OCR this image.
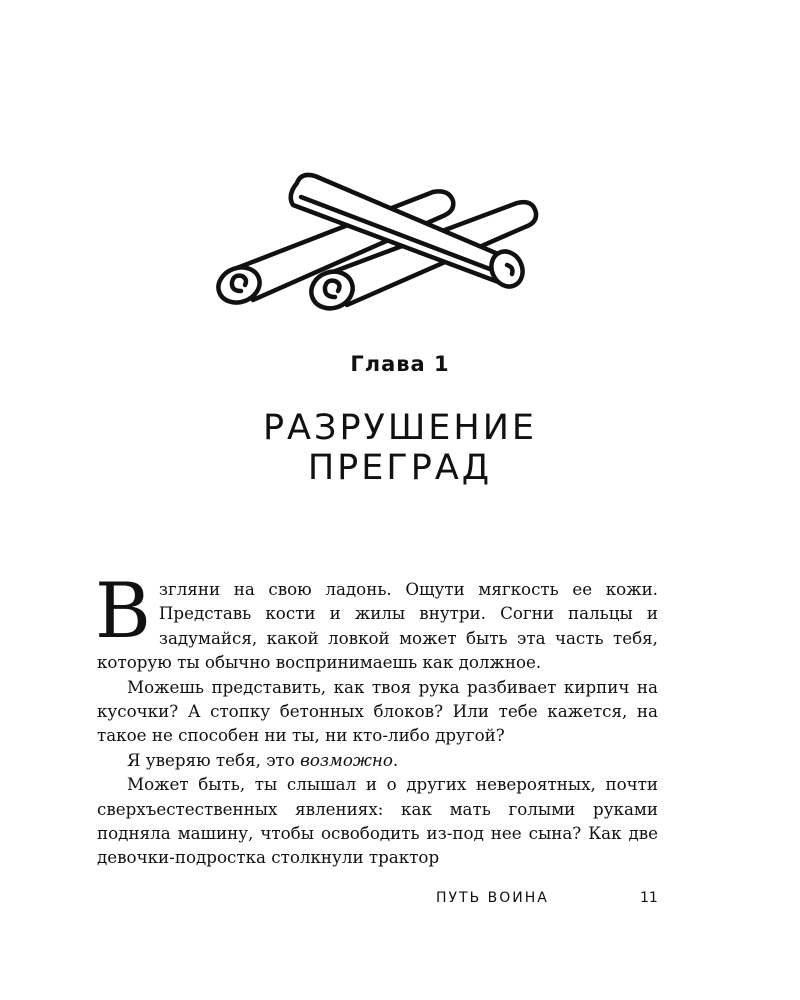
Глава 1
РАЗРУШЕНИЕ
ПРЕГРАД

Взгляни на свою ладонь. Ощути мягкость ее кожи. Представь кости и жилы внутри. Согни пальцы и задумайся, какой ловкой может быть эта часть тебя, которую ты обычно воспринимаешь как должное.

Можешь представить, как твоя рука разбивает кирпич на кусочки? А стопку бетонных блоков? Или тебе кажется, на такое не способен ни ты, ни кто-либо другой?

Я уверяю тебя, это возможно.

Может быть, ты слышал и о других невероятных, почти сверхъестественных явлениях: как мать голыми руками подняла машину, чтобы освободить из-под нее сына? Как две девочки-подростка столкнули трактор

ПУТЬ ВОИНА	11
